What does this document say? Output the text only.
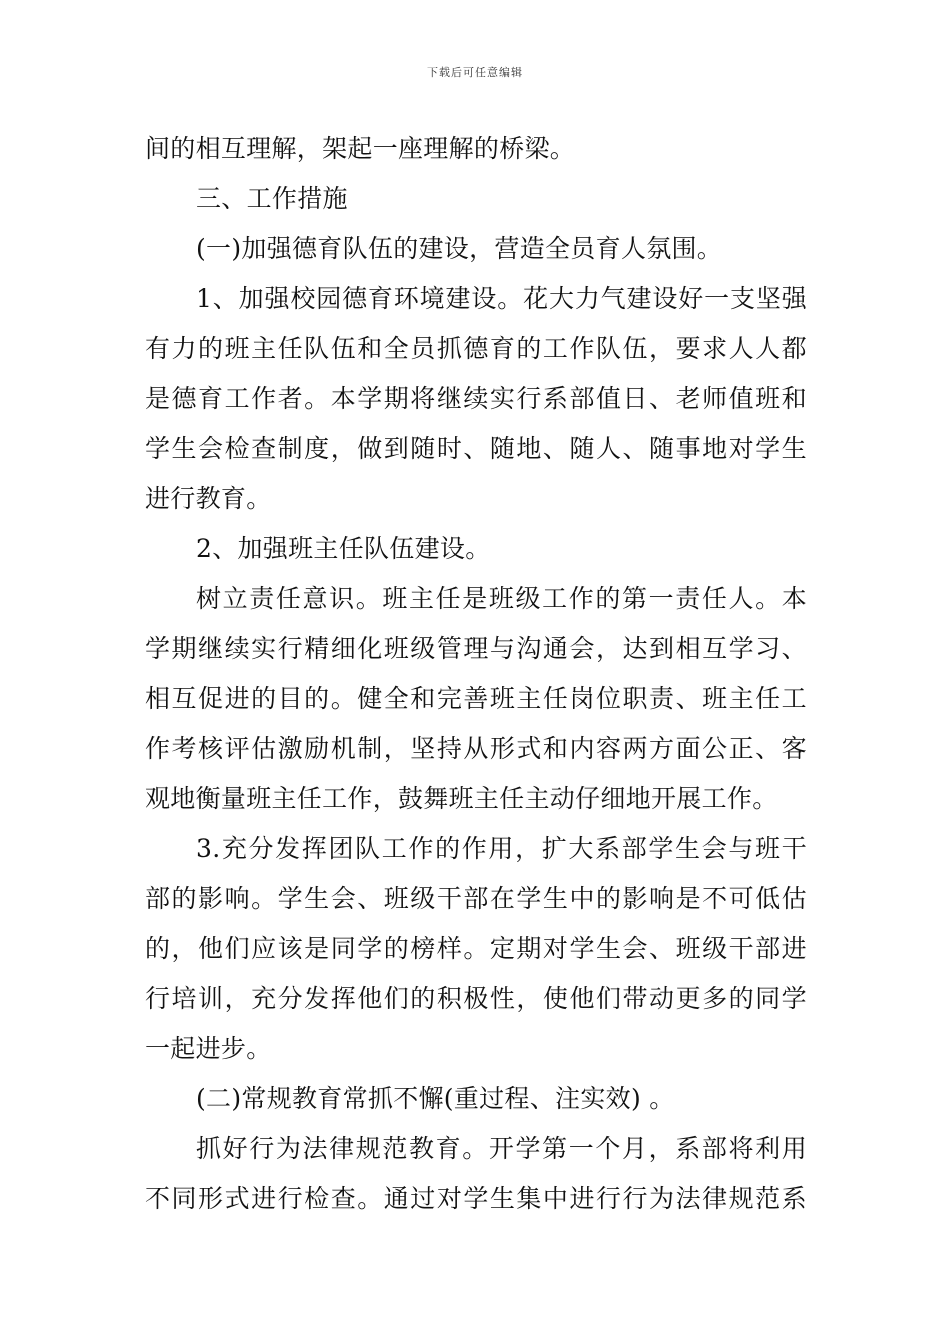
下载后可任意编辑
间的相互理解，架起一座理解的桥梁。
三、工作措施
(一)加强德育队伍的建设，营造全员育人氛围。
1、加强校园德育环境建设。花大力气建设好一支坚强
有力的班主任队伍和全员抓德育的工作队伍，要求人人都
是德育工作者。本学期将继续实行系部值日、老师值班和
学生会检查制度，做到随时、随地、随人、随事地对学生
进行教育。
2、加强班主任队伍建设。
树立责任意识。班主任是班级工作的第一责任人。本
学期继续实行精细化班级管理与沟通会，达到相互学习、
相互促进的目的。健全和完善班主任岗位职责、班主任工
作考核评估激励机制，坚持从形式和内容两方面公正、客
观地衡量班主任工作，鼓舞班主任主动仔细地开展工作。
3.充分发挥团队工作的作用，扩大系部学生会与班干
部的影响。学生会、班级干部在学生中的影响是不可低估
的，他们应该是同学的榜样。定期对学生会、班级干部进
行培训，充分发挥他们的积极性，使他们带动更多的同学
一起进步。
(二)常规教育常抓不懈(重过程、注实效) 。
抓好行为法律规范教育。开学第一个月，系部将利用
不同形式进行检查。通过对学生集中进行行为法律规范系
